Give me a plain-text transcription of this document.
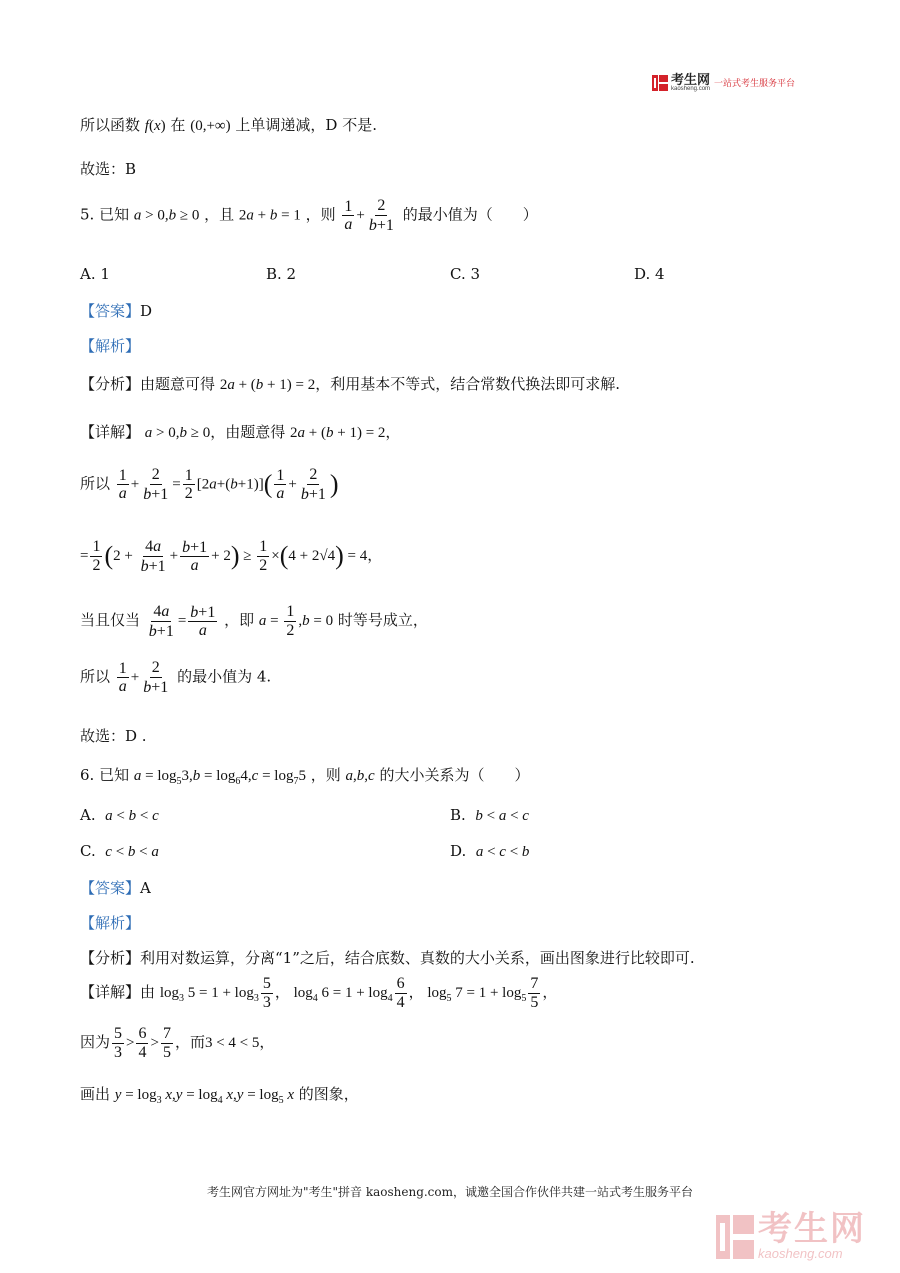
考生网
kaosheng.com 一站式考生服务平台
所以函数 f(x) 在 (0,+∞) 上单调递减，D 不是.
故选：B
5. 已知 a > 0,b ≥ 0 ，且 2a + b = 1 ，则 $\frac{1}{a} + \frac{2}{b+1}$ 的最小值为（　　）
A. 1	B. 2	C. 3	D. 4
【答案】D
【解析】
【分析】由题意可得 2a + (b + 1) = 2，利用基本不等式，结合常数代换法即可求解.
【详解】 a > 0,b ≥ 0，由题意得 2a + (b + 1) = 2，
所以 $\frac{1}{a} + \frac{2}{b+1} = \frac{1}{2} [2a+(b+1)]( \frac{1}{a} + \frac{2}{b+1}$ )
= $\frac{1}{2} (2 + \frac{4a}{b+1} + \frac{b+1}{a} + 2) \ge \frac{1}{2} \times(4 + 2√4) = 4$，
当且仅当 $\frac{4a}{b+1} = \frac{b+1}{a}$ ，即 $a = \frac{1}{2} ,b = 0$ 时等号成立，
所以 $\frac{1}{a} + \frac{2}{b+1}$ 的最小值为 4.
故选：D .
6. 已知 $a = \log_53,b = \log_64,c = \log_75$ ，则 a,b,c 的大小关系为（　　）
A. a < b < c	B. b < a < c
C. c < b < a	D. a < c < b
【答案】A
【解析】
【分析】利用对数运算，分离“1”之后，结合底数、真数的大小关系，画出图象进行比较即可.
【详解】由 $\log_3 5 = 1 + \log_3 \frac{5}{3}$ ， $\log_4 6 = 1 + \log_4 \frac{6}{4}$ ， $\log_5 7 = 1 + \log_5 \frac{7}{5}$ ，
因为 $\frac{5}{3} > \frac{6}{4} > \frac{7}{5}$ ，而3 < 4 < 5，
画出 $y = \log_3 x,y = \log_4 x,y = \log_5 x$ 的图象，
考生网官方网址为"考生"拼音 kaosheng.com，诚邀全国合作伙伴共建一站式考生服务平台
考生网
kaosheng.com
